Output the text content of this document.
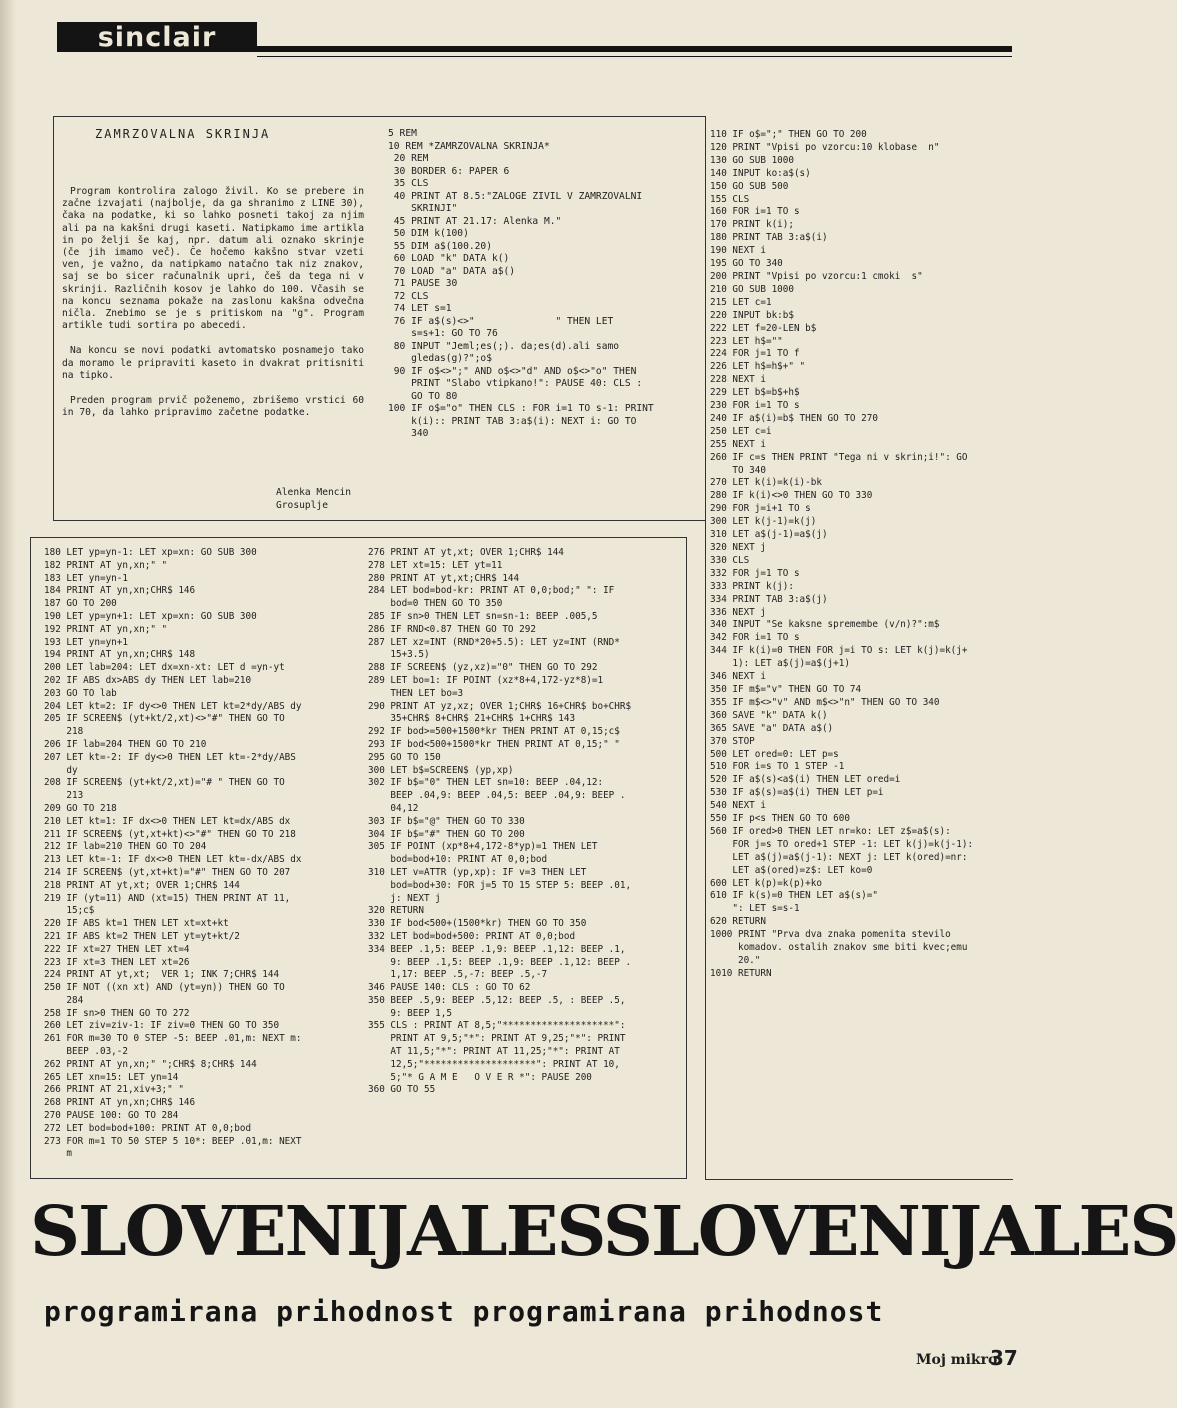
sinclair
ZAMRZOVALNA SKRINJA

Program kontrolira zalogo živil. Ko se prebere in začne izvajati (najbolje, da ga shranimo z LINE 30), čaka na podatke, ki so lahko posneti takoj za njim ali pa na kakšni drugi kaseti. Natipkamo ime artikla in po želji še kaj, npr. datum ali oznako skrinje (če jih imamo več). Če hočemo kakšno stvar vzeti ven, je važno, da natipkamo natačno tak niz znakov, saj se bo sicer računalnik upri, češ da tega ni v skrinji. Različnih kosov je lahko do 100. Včasih se na koncu seznama pokaže na zaslonu kakšna odvečna ničla. Znebimo se je s pritiskom na "g". Program artikle tudi sortira po abecedi.

Na koncu se novi podatki avtomatsko posnamejo tako da moramo le pripraviti kaseto in dvakrat pritisniti na tipko.

Preden program prvič poženemo, zbrišemo vrstici 60 in 70, da lahko pripravimo začetne podatke.

Alenka Mencin
Grosuplje
5 REM
10 REM *ZAMRZOVALNA SKRINJA*
20 REM
30 BORDER 6: PAPER 6
35 CLS
40 PRINT AT 8.5:"ZALOGE ZIVIL V ZAMRZOVALNI
SKRINJI"
45 PRINT AT 21.17: Alenka M."
50 DIM k(100)
55 DIM a$(100.20)
60 LOAD "k" DATA k()
70 LOAD "a" DATA a$()
71 PAUSE 30
72 CLS
74 LET s=1
76 IF a$(s)<>"              " THEN LET
s=s+1: GO TO 76
80 INPUT "Jeml;es(;). da;es(d).ali samo
gledas(g)?";o$
90 IF o$<>";" AND o$<>"d" AND o$<>"o" THEN
PRINT "Slabo vtipkano!": PAUSE 40: CLS :
GO TO 80
100 IF o$="o" THEN CLS : FOR i=1 TO s-1: PRINT
k(i):: PRINT TAB 3:a$(i): NEXT i: GO TO
340
110 IF o$=";" THEN GO TO 200
120 PRINT "Vpisi po vzorcu:10 klobase  n"
130 GO SUB 1000
140 INPUT ko:a$(s)
150 GO SUB 500
155 CLS
160 FOR i=1 TO s
170 PRINT k(i);
180 PRINT TAB 3:a$(i)
190 NEXT i
195 GO TO 340
200 PRINT "Vpisi po vzorcu:1 cmoki  s"
210 GO SUB 1000
215 LET c=1
220 INPUT bk:b$
222 LET f=20-LEN b$
223 LET h$=""
224 FOR j=1 TO f
226 LET h$=h$+" "
228 NEXT i
229 LET b$=b$+h$
230 FOR i=1 TO s
240 IF a$(i)=b$ THEN GO TO 270
250 LET c=i
255 NEXT i
260 IF c=s THEN PRINT "Tega ni v skrin;i!": GO
TO 340
270 LET k(i)=k(i)-bk
280 IF k(i)<>0 THEN GO TO 330
290 FOR j=i+1 TO s
300 LET k(j-1)=k(j)
310 LET a$(j-1)=a$(j)
320 NEXT j
330 CLS
332 FOR j=1 TO s
333 PRINT k(j):
334 PRINT TAB 3:a$(j)
336 NEXT j
340 INPUT "Se kaksne spremembe (v/n)?":m$
342 FOR i=1 TO s
344 IF k(i)=0 THEN FOR j=i TO s: LET k(j)=k(j+
1): LET a$(j)=a$(j+1)
346 NEXT i
350 IF m$="v" THEN GO TO 74
355 IF m$<>"v" AND m$<>"n" THEN GO TO 340
360 SAVE "k" DATA k()
365 SAVE "a" DATA a$()
370 STOP
500 LET ored=0: LET p=s
510 FOR i=s TO 1 STEP -1
520 IF a$(s)<a$(i) THEN LET ored=i
530 IF a$(s)=a$(i) THEN LET p=i
540 NEXT i
550 IF p<s THEN GO TO 600
560 IF ored>0 THEN LET nr=ko: LET z$=a$(s):
FOR j=s TO ored+1 STEP -1: LET k(j)=k(j-1):
LET a$(j)=a$(j-1): NEXT j: LET k(ored)=nr:
LET a$(ored)=z$: LET ko=0
600 LET k(p)=k(p)+ko
610 IF k(s)=0 THEN LET a$(s)="
": LET s=s-1
620 RETURN
1000 PRINT "Prva dva znaka pomenita stevilo
komadov. ostalih znakov sme biti kvec;emu
20."
1010 RETURN
180 LET yp=yn-1: LET xp=xn: GO SUB 300
182 PRINT AT yn,xn;" "
183 LET yn=yn-1
184 PRINT AT yn,xn;CHR$ 146
187 GO TO 200
190 LET yp=yn+1: LET xp=xn: GO SUB 300
192 PRINT AT yn,xn;" "
193 LET yn=yn+1
194 PRINT AT yn,xn;CHR$ 148
200 LET lab=204: LET dx=xn-xt: LET d =yn-yt
202 IF ABS dx>ABS dy THEN LET lab=210
203 GO TO lab
204 LET kt=2: IF dy<>0 THEN LET kt=2*dy/ABS dy
205 IF SCREEN$ (yt+kt/2,xt)<>"#" THEN GO TO
218
206 IF lab=204 THEN GO TO 210
207 LET kt=-2: IF dy<>0 THEN LET kt=-2*dy/ABS
dy
208 IF SCREEN$ (yt+kt/2,xt)="# " THEN GO TO
213
209 GO TO 218
210 LET kt=1: IF dx<>0 THEN LET kt=dx/ABS dx
211 IF SCREEN$ (yt,xt+kt)<>"#" THEN GO TO 218
212 IF lab=210 THEN GO TO 204
213 LET kt=-1: IF dx<>0 THEN LET kt=-dx/ABS dx
214 IF SCREEN$ (yt,xt+kt)="#" THEN GO TO 207
218 PRINT AT yt,xt; OVER 1;CHR$ 144
219 IF (yt=11) AND (xt=15) THEN PRINT AT 11,
15;c$
220 IF ABS kt=1 THEN LET xt=xt+kt
221 IF ABS kt=2 THEN LET yt=yt+kt/2
222 IF xt=27 THEN LET xt=4
223 IF xt=3 THEN LET xt=26
224 PRINT AT yt,xt;  VER 1; INK 7;CHR$ 144
250 IF NOT ((xn xt) AND (yt=yn)) THEN GO TO
284
258 IF sn>0 THEN GO TO 272
260 LET ziv=ziv-1: IF ziv=0 THEN GO TO 350
261 FOR m=30 TO 0 STEP -5: BEEP .01,m: NEXT m:
BEEP .03,-2
262 PRINT AT yn,xn;" ";CHR$ 8;CHR$ 144
265 LET xn=15: LET yn=14
266 PRINT AT 21,xiv+3;" "
268 PRINT AT yn,xn;CHR$ 146
270 PAUSE 100: GO TO 284
272 LET bod=bod+100: PRINT AT 0,0;bod
273 FOR m=1 TO 50 STEP 5 10*: BEEP .01,m: NEXT
m
276 PRINT AT yt,xt; OVER 1;CHR$ 144
278 LET xt=15: LET yt=11
280 PRINT AT yt,xt;CHR$ 144
284 LET bod=bod-kr: PRINT AT 0,0;bod;" ": IF
bod=0 THEN GO TO 350
285 IF sn>0 THEN LET sn=sn-1: BEEP .005,5
286 IF RND<0.87 THEN GO TO 292
287 LET xz=INT (RND*20+5.5): LET yz=INT (RND*
15+3.5)
288 IF SCREEN$ (yz,xz)="0" THEN GO TO 292
289 LET bo=1: IF POINT (xz*8+4,172-yz*8)=1
THEN LET bo=3
290 PRINT AT yz,xz; OVER 1;CHR$ 16+CHR$ bo+CHR$
35+CHR$ 8+CHR$ 21+CHR$ 1+CHR$ 143
292 IF bod>=500+1500*kr THEN PRINT AT 0,15;c$
293 IF bod<500+1500*kr THEN PRINT AT 0,15;" "
295 GO TO 150
300 LET b$=SCREEN$ (yp,xp)
302 IF b$="0" THEN LET sn=10: BEEP .04,12:
BEEP .04,9: BEEP .04,5: BEEP .04,9: BEEP .
04,12
303 IF b$="@" THEN GO TO 330
304 IF b$="#" THEN GO TO 200
305 IF POINT (xp*8+4,172-8*yp)=1 THEN LET
bod=bod+10: PRINT AT 0,0;bod
310 LET v=ATTR (yp,xp): IF v=3 THEN LET
bod=bod+30: FOR j=5 TO 15 STEP 5: BEEP .01,
j: NEXT j
320 RETURN
330 IF bod<500+(1500*kr) THEN GO TO 350
332 LET bod=bod+500: PRINT AT 0,0;bod
334 BEEP .1,5: BEEP .1,9: BEEP .1,12: BEEP .1,
9: BEEP .1,5: BEEP .1,9: BEEP .1,12: BEEP .
1,17: BEEP .5,-7: BEEP .5,-7
346 PAUSE 140: CLS : GO TO 62
350 BEEP .5,9: BEEP .5,12: BEEP .5, : BEEP .5,
9: BEEP 1,5
355 CLS : PRINT AT 8,5;"********************":
PRINT AT 9,5;"*": PRINT AT 9,25;"*": PRINT
AT 11,5;"*": PRINT AT 11,25;"*": PRINT AT
12,5;"********************": PRINT AT 10,
5;"* G A M E   O V E R *": PAUSE 200
360 GO TO 55
SLOVENIJALESSLOVENIJALES
programirana prihodnost programirana prihodnost
Moj mikro
37
